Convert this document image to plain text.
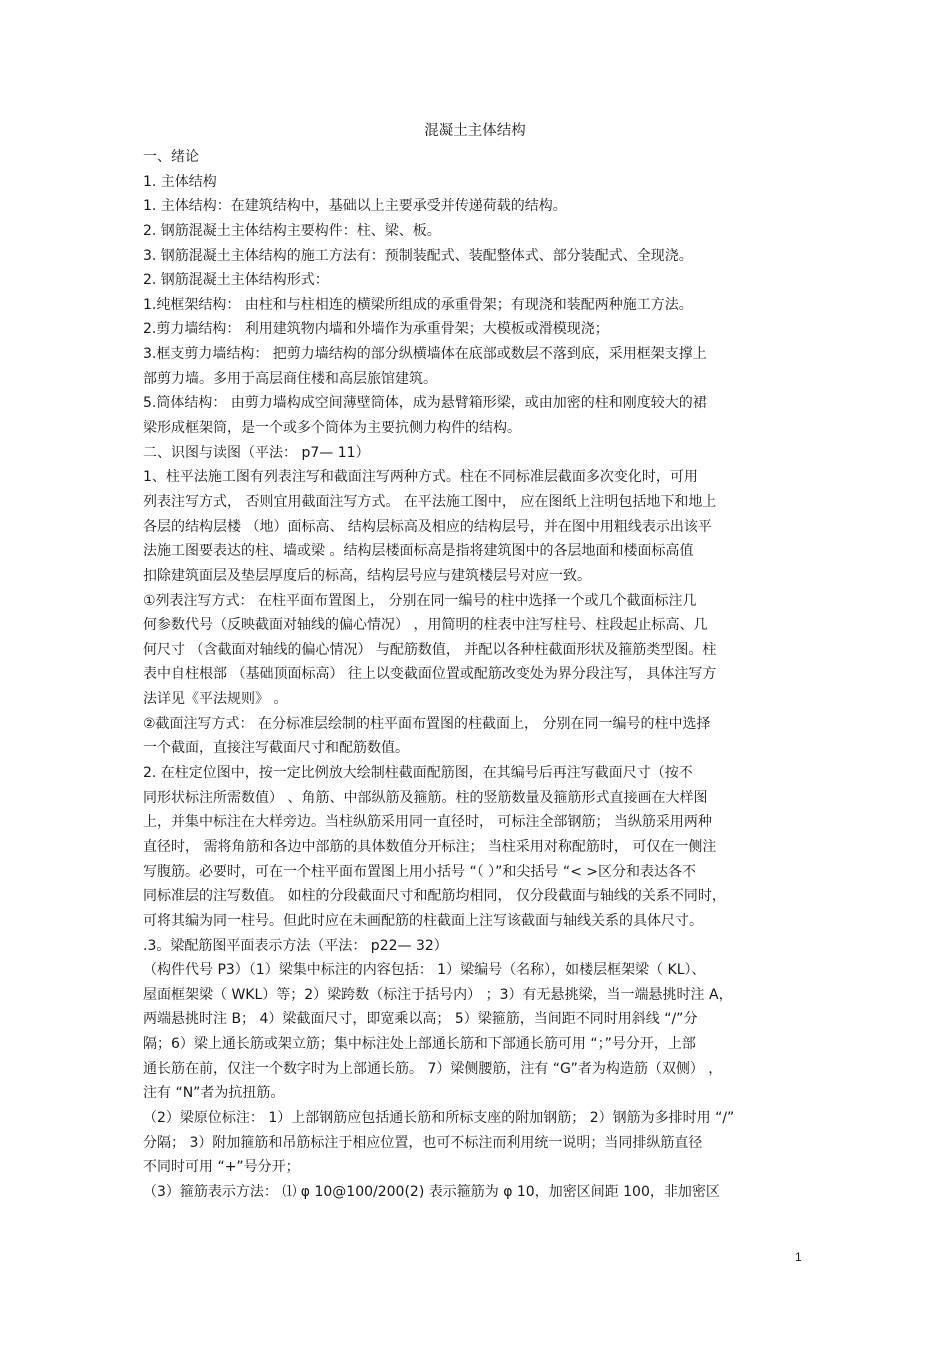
混凝土主体结构
一、绪论
1. 主体结构
1. 主体结构：在建筑结构中，基础以上主要承受并传递荷载的结构。
2. 钢筋混凝土主体结构主要构件：柱、梁、板。
3. 钢筋混凝土主体结构的施工方法有：预制装配式、装配整体式、部分装配式、全现浇。
2. 钢筋混凝土主体结构形式：
1.纯框架结构： 由柱和与柱相连的横梁所组成的承重骨架；有现浇和装配两种施工方法。
2.剪力墙结构： 利用建筑物内墙和外墙作为承重骨架；大模板或滑模现浇；
3.框支剪力墙结构： 把剪力墙结构的部分纵横墙体在底部或数层不落到底，采用框架支撑上
部剪力墙。多用于高层商住楼和高层旅馆建筑。
5.筒体结构： 由剪力墙构成空间薄壁筒体，成为悬臂箱形梁，或由加密的柱和刚度较大的裙
梁形成框架筒，是一个或多个筒体为主要抗侧力构件的结构。
二、识图与读图（平法： p7— 11）
1、柱平法施工图有列表注写和截面注写两种方式。柱在不同标准层截面多次变化时，可用
列表注写方式， 否则宜用截面注写方式。 在平法施工图中， 应在图纸上注明包括地下和地上
各层的结构层楼 （地）面标高、 结构层标高及相应的结构层号，并在图中用粗线表示出该平
法施工图要表达的柱、墙或梁 。结构层楼面标高是指将建筑图中的各层地面和楼面标高值
扣除建筑面层及垫层厚度后的标高，结构层号应与建筑楼层号对应一致。
①列表注写方式： 在柱平面布置图上， 分别在同一编号的柱中选择一个或几个截面标注几
何参数代号（反映截面对轴线的偏心情况） ，用简明的柱表中注写柱号、柱段起止标高、几
何尺寸 （含截面对轴线的偏心情况） 与配筋数值， 并配以各种柱截面形状及箍筋类型图。柱
表中自柱根部 （基础顶面标高） 往上以变截面位置或配筋改变处为界分段注写， 具体注写方
法详见《平法规则》 。
②截面注写方式： 在分标准层绘制的柱平面布置图的柱截面上， 分别在同一编号的柱中选择
一个截面，直接注写截面尺寸和配筋数值。
2. 在柱定位图中，按一定比例放大绘制柱截面配筋图，在其编号后再注写截面尺寸（按不
同形状标注所需数值） 、角筋、中部纵筋及箍筋。柱的竖筋数量及箍筋形式直接画在大样图
上，并集中标注在大样旁边。当柱纵筋采用同一直径时， 可标注全部钢筋； 当纵筋采用两种
直径时， 需将角筋和各边中部筋的具体数值分开标注； 当柱采用对称配筋时， 可仅在一侧注
写腹筋。必要时，可在一个柱平面布置图上用小括号 “（ ）”和尖括号 “< >区分和表达各不
同标准层的注写数值。 如柱的分段截面尺寸和配筋均相同， 仅分段截面与轴线的关系不同时，
可将其编为同一柱号。但此时应在未画配筋的柱截面上注写该截面与轴线关系的具体尺寸。
.3。梁配筋图平面表示方法（平法： p22— 32）
（构件代号 P3）（1）梁集中标注的内容包括： 1）梁编号（名称），如楼层框架梁（ KL）、
屋面框架梁（ WKL）等；2）梁跨数（标注于括号内） ；3）有无悬挑梁，当一端悬挑时注 A，
两端悬挑时注 B； 4）梁截面尺寸，即宽乘以高； 5）梁箍筋，当间距不同时用斜线 “/”分
隔；6）梁上通长筋或架立筋；集中标注处上部通长筋和下部通长筋可用 “；”号分开，上部
通长筋在前，仅注一个数字时为上部通长筋。 7）梁侧腰筋，注有 “G”者为构造筋（双侧） ，
注有 “N”者为抗扭筋。
（2）梁原位标注： 1）上部钢筋应包括通长筋和所标支座的附加钢筋； 2）钢筋为多排时用 “/”
分隔； 3）附加箍筋和吊筋标注于相应位置，也可不标注而利用统一说明；当同排纵筋直径
不同时可用 “+”号分开；
（3）箍筋表示方法： ⑴ φ 10@100/200(2) 表示箍筋为 φ 10，加密区间距 100，非加密区
1
